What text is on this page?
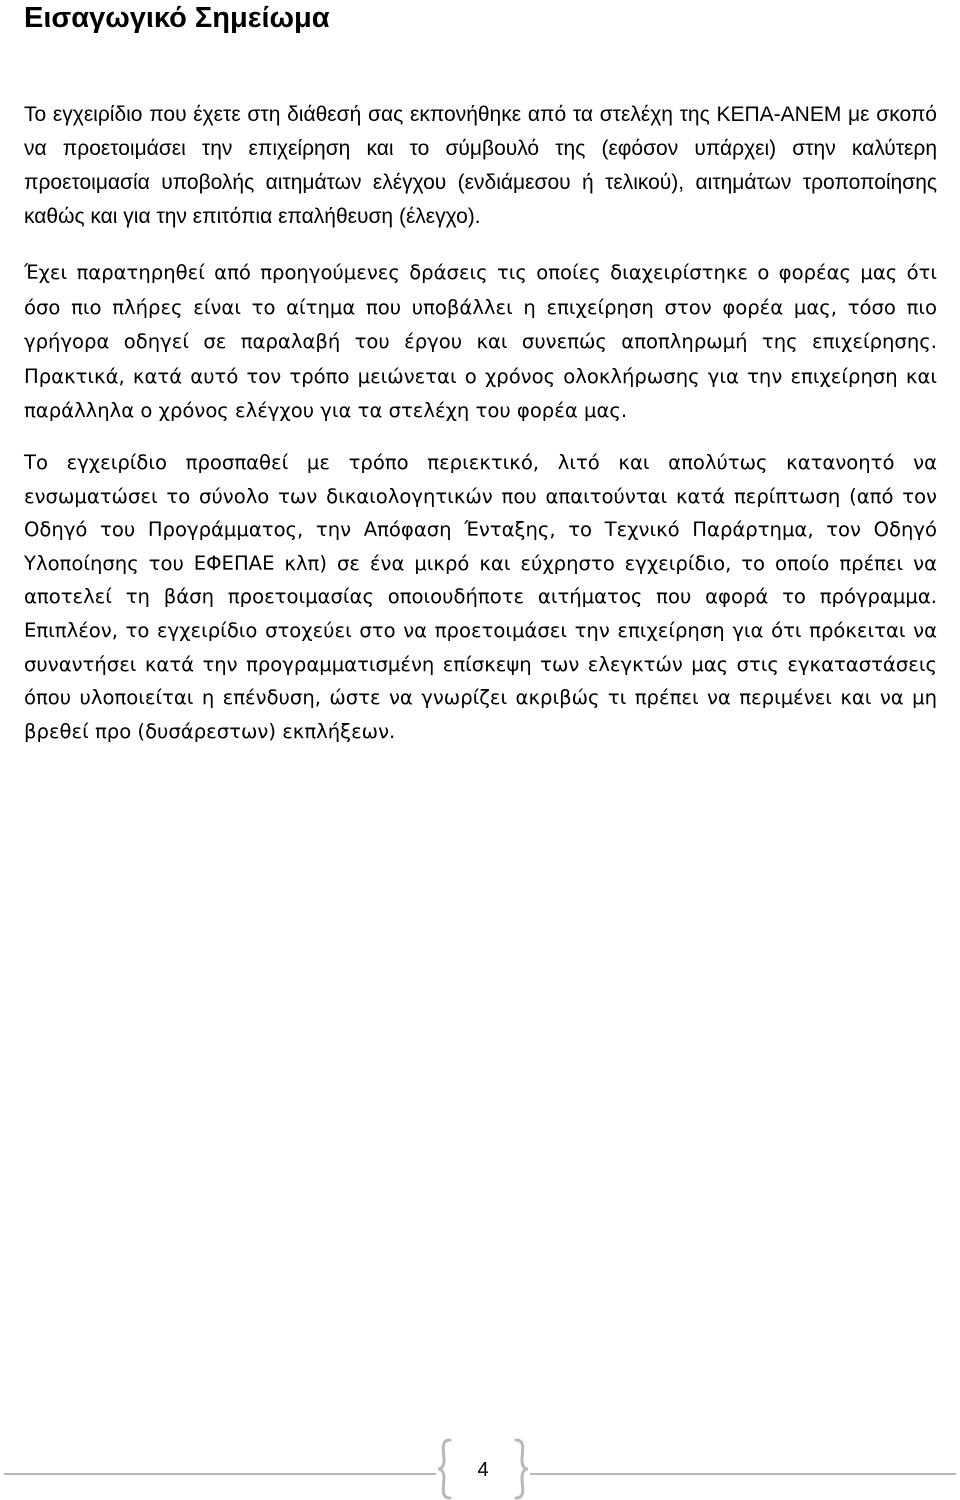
Εισαγωγικό Σημείωμα

Το εγχειρίδιο που έχετε στη διάθεσή σας εκπονήθηκε από τα στελέχη της ΚΕΠΑ-ΑΝΕΜ με σκοπό να προετοιμάσει την επιχείρηση και το σύμβουλό της (εφόσον υπάρχει) στην καλύτερη προετοιμασία υποβολής αιτημάτων ελέγχου (ενδιάμεσου ή τελικού), αιτημάτων τροποποίησης καθώς και για την επιτόπια επαλήθευση (έλεγχο).

Έχει παρατηρηθεί από προηγούμενες δράσεις τις οποίες διαχειρίστηκε ο φορέας μας ότι όσο πιο πλήρες είναι το αίτημα που υποβάλλει η επιχείρηση στον φορέα μας, τόσο πιο γρήγορα οδηγεί σε παραλαβή του έργου και συνεπώς αποπληρωμή της επιχείρησης. Πρακτικά, κατά αυτό τον τρόπο μειώνεται ο χρόνος ολοκλήρωσης για την επιχείρηση και παράλληλα ο χρόνος ελέγχου για τα στελέχη του φορέα μας.

Το εγχειρίδιο προσπαθεί με τρόπο περιεκτικό, λιτό και απολύτως κατανοητό να ενσωματώσει το σύνολο των δικαιολογητικών που απαιτούνται κατά περίπτωση (από τον Οδηγό του Προγράμματος, την Απόφαση Ένταξης, το Τεχνικό Παράρτημα, τον Οδηγό Υλοποίησης του ΕΦΕΠΑΕ κλπ) σε ένα μικρό και εύχρηστο εγχειρίδιο, το οποίο πρέπει να αποτελεί τη βάση προετοιμασίας οποιουδήποτε αιτήματος που αφορά το πρόγραμμα. Επιπλέον, το εγχειρίδιο στοχεύει στο να προετοιμάσει την επιχείρηση για ότι πρόκειται να συναντήσει κατά την προγραμματισμένη επίσκεψη των ελεγκτών μας στις εγκαταστάσεις όπου υλοποιείται η επένδυση, ώστε να γνωρίζει ακριβώς τι πρέπει να περιμένει και να μη βρεθεί προ (δυσάρεστων) εκπλήξεων.

4
